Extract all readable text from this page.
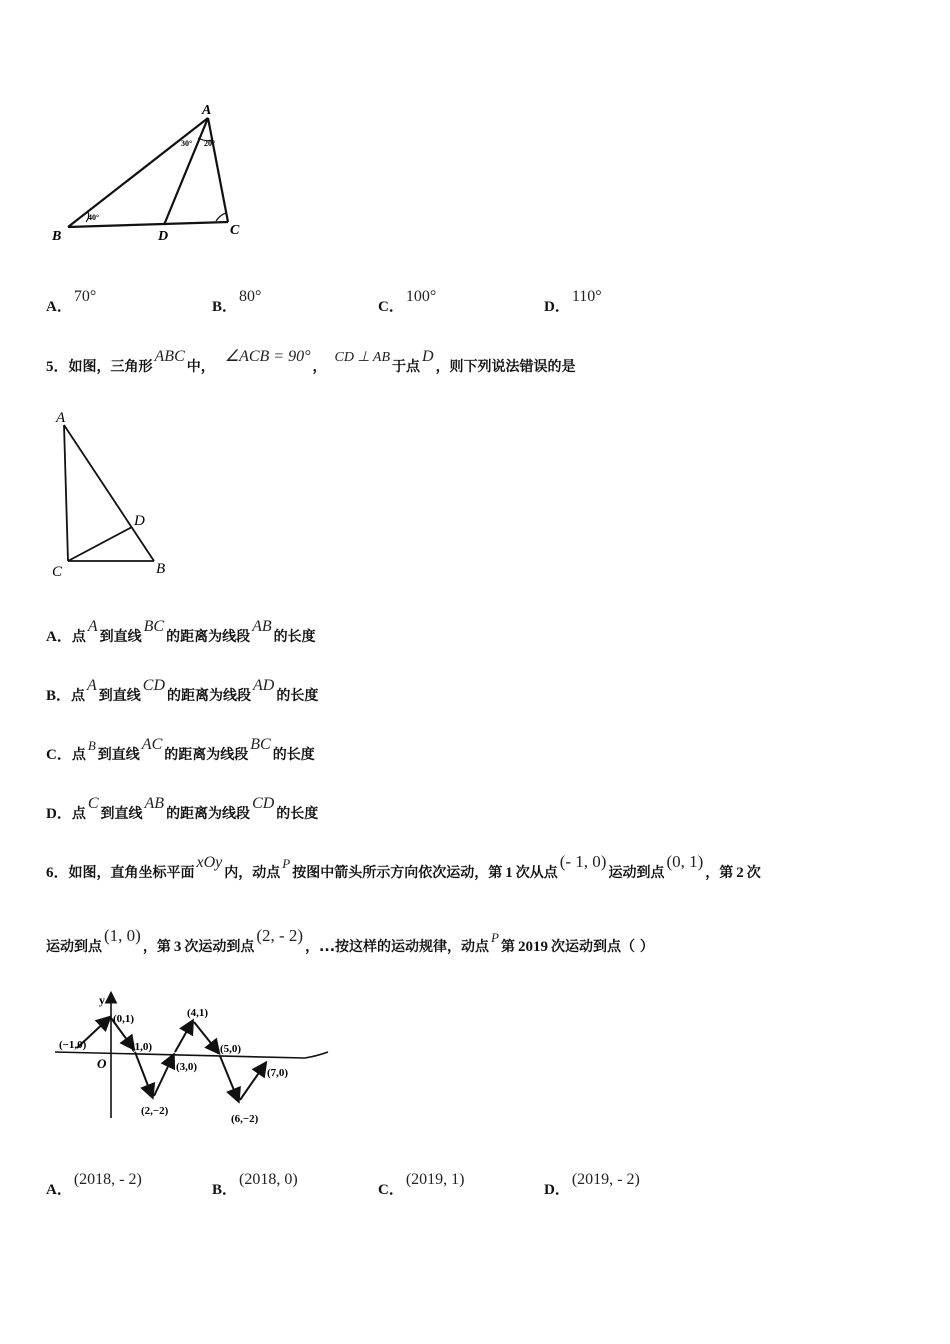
A
B	D	C
40°
30° 20°
A．
70°
B．
80°
C．
100°
D．
110°
5． 如图，三角形
ABC
中，
∠ACB = 90°
，
CD ⊥ AB
于点
D
，则下列说法错误的是
A
D
C	B
A． 点
A
到直线
BC
的距离为线段
AB
的长度
B． 点
A
到直线
CD
的距离为线段
AD
的长度
C． 点
B
到直线
AC
的距离为线段
BC
的长度
D． 点
C
到直线
AB
的距离为线段
CD
的长度
6． 如图，直角坐标平面
xOy
内，动点
P
按图中箭头所示方向依次运动，第 1 次从点
(- 1, 0)
运动到点
(0, 1)
，第 2 次
运动到点
(1, 0)
，第 3 次运动到点
(2, - 2)
，...按这样的运动规律，动点
P
第 2019 次运动到点（ ）
y
O
(−1,0)
(0,1)
(1,0)
(2,−2)
(3,0)
(4,1)
(5,0)
(6,−2)
(7,0)
A．
(2018, - 2)
B．
(2018, 0)
C．
(2019, 1)
D．
(2019, - 2)
